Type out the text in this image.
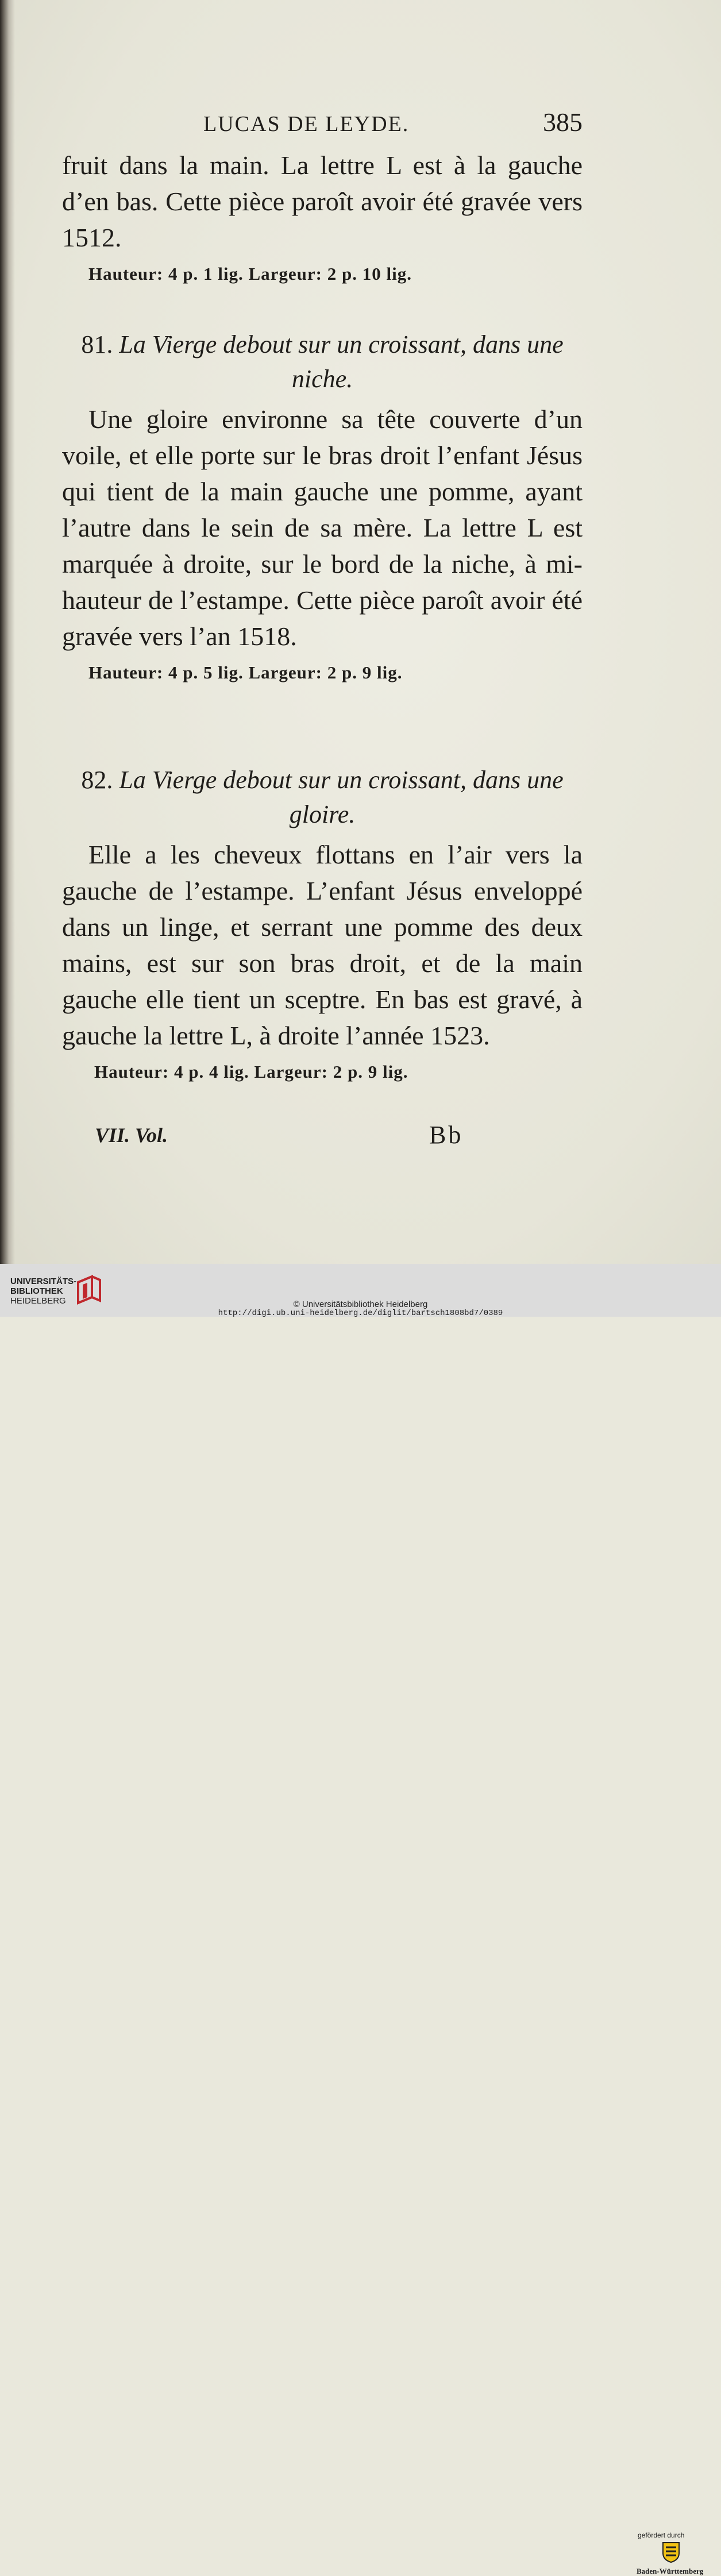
LUCAS DE LEYDE.	385

fruit dans la main. La lettre L est à la gauche d’en bas. Cette pièce paroît avoir été gravée vers 1512.

Hauteur: 4 p. 1 lig. Largeur: 2 p. 10 lig.

81. La Vierge debout sur un croissant, dans une niche.

Une gloire environne sa tête couverte d’un voile, et elle porte sur le bras droit l’enfant Jésus qui tient de la main gauche une pomme, ayant l’autre dans le sein de sa mère. La lettre L est marquée à droite, sur le bord de la niche, à mi-hauteur de l’estampe. Cette pièce paroît avoir été gravée vers l’an 1518.

Hauteur: 4 p. 5 lig. Largeur: 2 p. 9 lig.

82. La Vierge debout sur un croissant, dans une gloire.

Elle a les cheveux flottans en l’air vers la gauche de l’estampe. L’enfant Jésus enveloppé dans un linge, et serrant une pomme des deux mains, est sur son bras droit, et de la main gauche elle tient un sceptre. En bas est gravé, à gauche la lettre L, à droite l’année 1523.

Hauteur: 4 p. 4 lig. Largeur: 2 p. 9 lig.

VII. Vol.	Bb
UNIVERSITÄTS-
BIBLIOTHEK
HEIDELBERG
gefördert durch
Baden-Württemberg
© Universitätsbibliothek Heidelberg
http://digi.ub.uni-heidelberg.de/diglit/bartsch1808bd7/0389
